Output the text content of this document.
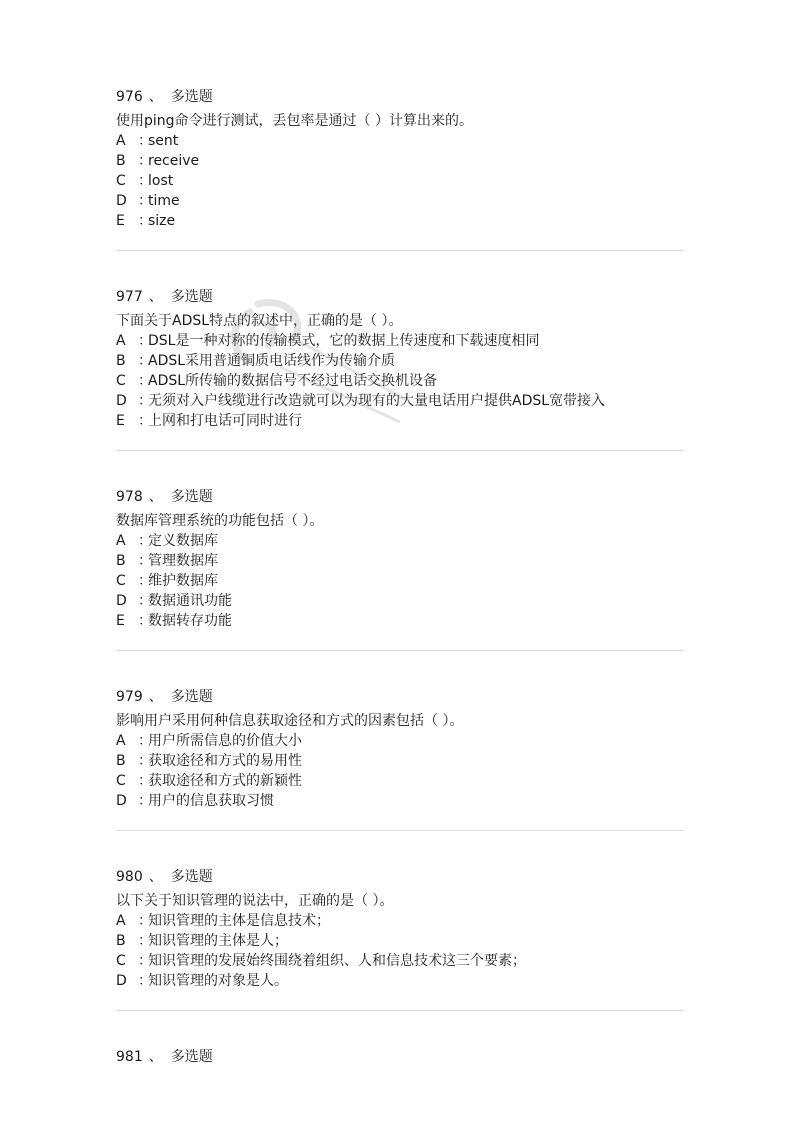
976 、 多选题
使用ping命令进行测试，丢包率是通过（ ）计算出来的。
A ：sent
B ：receive
C ：lost
D ：time
E ：size
977 、 多选题
下面关于ADSL特点的叙述中，正确的是（ ）。
A ：DSL是一种对称的传输模式，它的数据上传速度和下载速度相同
B ：ADSL采用普通铜质电话线作为传输介质
C ：ADSL所传输的数据信号不经过电话交换机设备
D ：无须对入户线缆进行改造就可以为现有的大量电话用户提供ADSL宽带接入
E ：上网和打电话可同时进行
978 、 多选题
数据库管理系统的功能包括（ ）。
A ：定义数据库
B ：管理数据库
C ：维护数据库
D ：数据通讯功能
E ：数据转存功能
979 、 多选题
影响用户采用何种信息获取途径和方式的因素包括（ ）。
A ：用户所需信息的价值大小
B ：获取途径和方式的易用性
C ：获取途径和方式的新颖性
D ：用户的信息获取习惯
980 、 多选题
以下关于知识管理的说法中，正确的是（ ）。
A ：知识管理的主体是信息技术；
B ：知识管理的主体是人；
C ：知识管理的发展始终围绕着组织、人和信息技术这三个要素；
D ：知识管理的对象是人。
981 、 多选题
